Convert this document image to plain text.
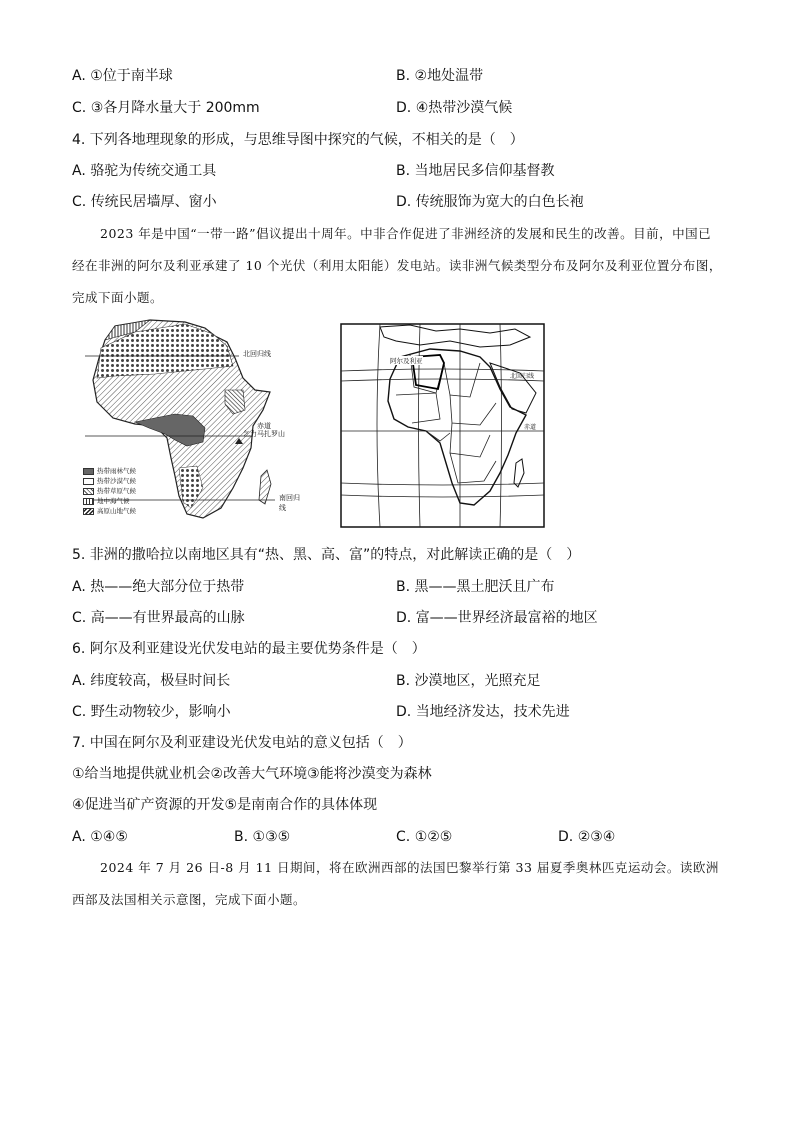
A. ①位于南半球	B. ②地处温带
C. ③各月降水量大于 200mm	D. ④热带沙漠气候
4. 下列各地理现象的形成，与思维导图中探究的气候，不相关的是（　）
A. 骆驼为传统交通工具	B. 当地居民多信仰基督教
C. 传统民居墙厚、窗小	D. 传统服饰为宽大的白色长袍
2023 年是中国“一带一路”倡议提出十周年。中非合作促进了非洲经济的发展和民生的改善。目前，中国已经在非洲的阿尔及利亚承建了 10 个光伏（利用太阳能）发电站。读非洲气候类型分布及阿尔及利亚位置分布图，完成下面小题。
北回归线
赤道
乞力马扎罗山
南回归线
热带雨林气候
热带沙漠气候
热带草原气候
地中海气候
高原山地气候
阿尔及利亚
北回归线
赤道
5. 非洲的撒哈拉以南地区具有“热、黑、高、富”的特点，对此解读正确的是（　）
A. 热——绝大部分位于热带	B. 黑——黑土肥沃且广布
C. 高——有世界最高的山脉	D. 富——世界经济最富裕的地区
6. 阿尔及利亚建设光伏发电站的最主要优势条件是（　）
A. 纬度较高，极昼时间长	B. 沙漠地区，光照充足
C. 野生动物较少，影响小	D. 当地经济发达，技术先进
7. 中国在阿尔及利亚建设光伏发电站的意义包括（　）
①给当地提供就业机会②改善大气环境③能将沙漠变为森林
④促进当矿产资源的开发⑤是南南合作的具体体现
A. ①④⑤	B. ①③⑤	C. ①②⑤	D. ②③④
2024 年 7 月 26 日-8 月 11 日期间，将在欧洲西部的法国巴黎举行第 33 届夏季奥林匹克运动会。读欧洲西部及法国相关示意图，完成下面小题。
